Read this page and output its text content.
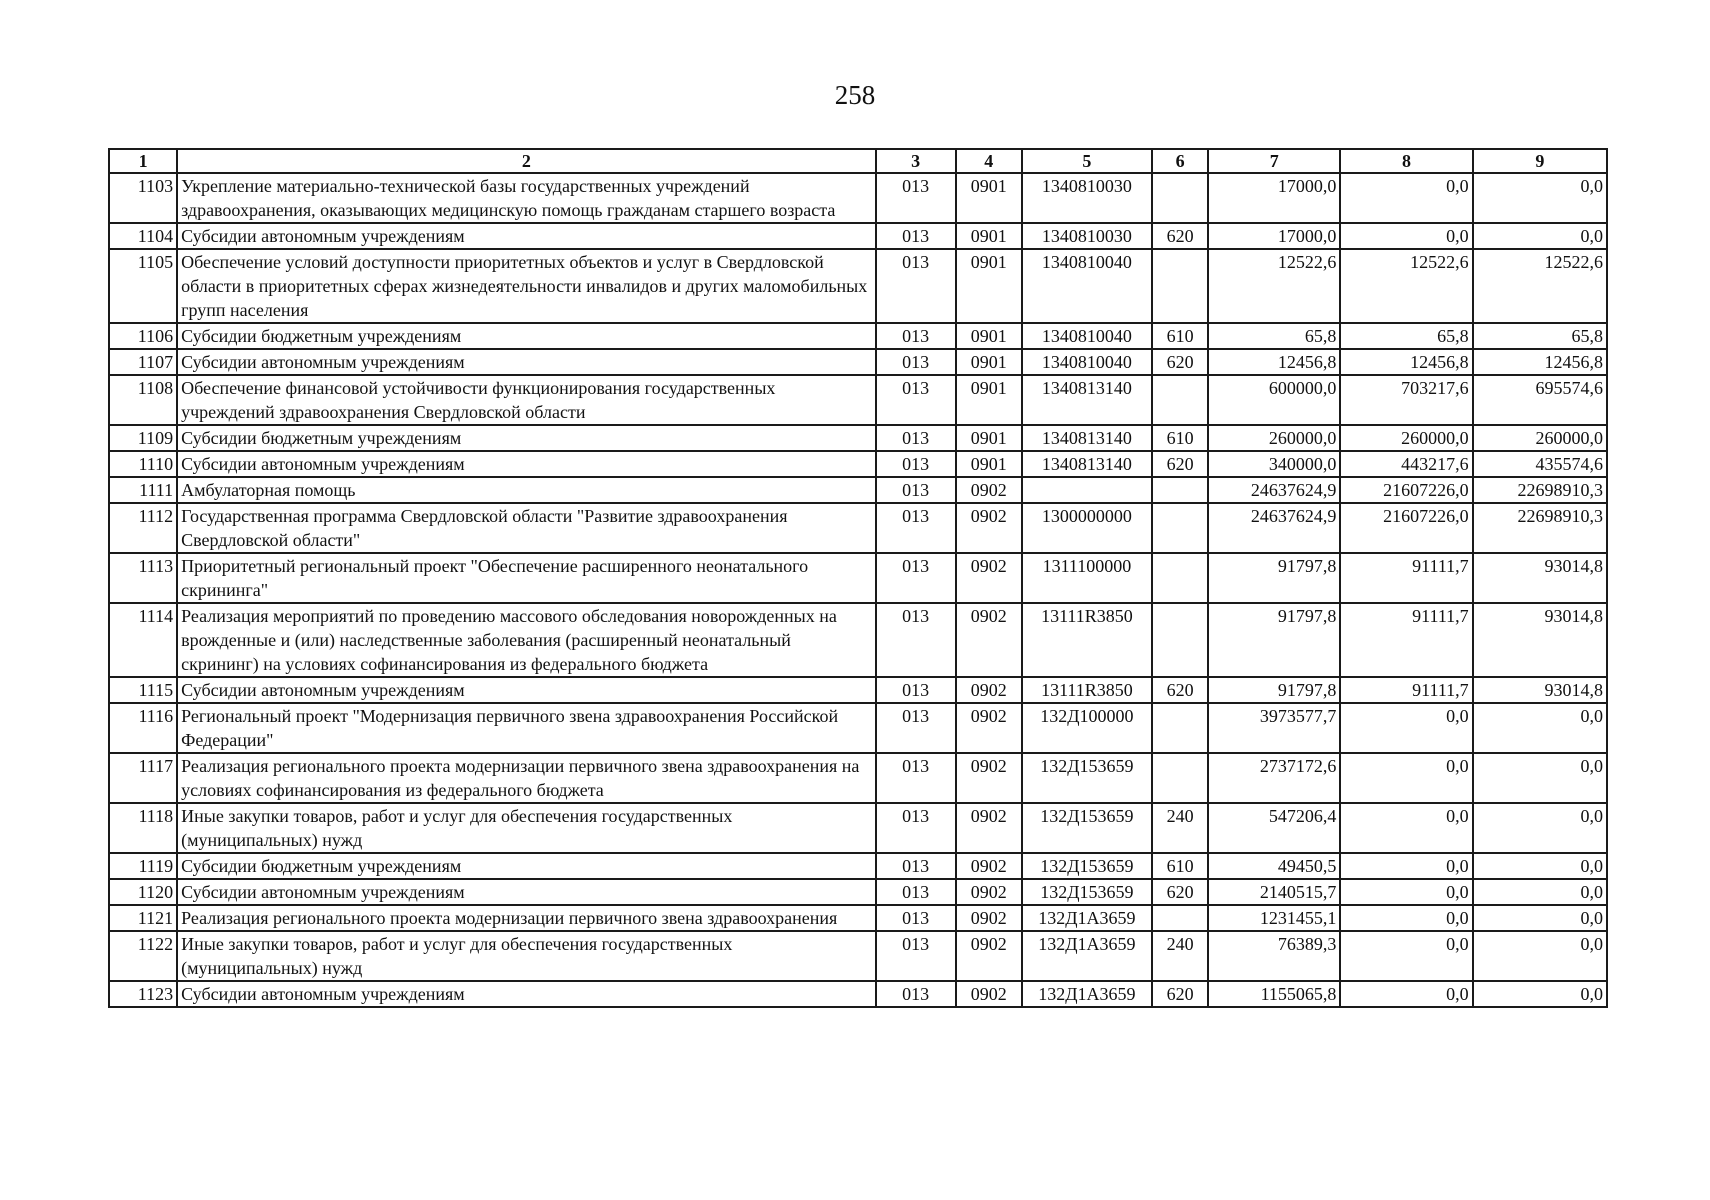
258
1	2	3	4	5	6	7	8	9
1103	Укрепление материально-технической базы государственных учреждений здравоохранения, оказывающих медицинскую помощь гражданам старшего возраста	013	0901	1340810030		17000,0	0,0	0,0
1104	Субсидии автономным учреждениям	013	0901	1340810030	620	17000,0	0,0	0,0
1105	Обеспечение условий доступности приоритетных объектов и услуг в Свердловской области в приоритетных сферах жизнедеятельности инвалидов и других маломобильных групп населения	013	0901	1340810040		12522,6	12522,6	12522,6
1106	Субсидии бюджетным учреждениям	013	0901	1340810040	610	65,8	65,8	65,8
1107	Субсидии автономным учреждениям	013	0901	1340810040	620	12456,8	12456,8	12456,8
1108	Обеспечение финансовой устойчивости функционирования государственных учреждений здравоохранения Свердловской области	013	0901	1340813140		600000,0	703217,6	695574,6
1109	Субсидии бюджетным учреждениям	013	0901	1340813140	610	260000,0	260000,0	260000,0
1110	Субсидии автономным учреждениям	013	0901	1340813140	620	340000,0	443217,6	435574,6
1111	Амбулаторная помощь	013	0902			24637624,9	21607226,0	22698910,3
1112	Государственная программа Свердловской области "Развитие здравоохранения Свердловской области"	013	0902	1300000000		24637624,9	21607226,0	22698910,3
1113	Приоритетный региональный проект "Обеспечение расширенного неонатального скрининга"	013	0902	1311100000		91797,8	91111,7	93014,8
1114	Реализация мероприятий по проведению массового обследования новорожденных на врожденные и (или) наследственные заболевания (расширенный неонатальный скрининг) на условиях софинансирования из федерального бюджета	013	0902	13111R3850		91797,8	91111,7	93014,8
1115	Субсидии автономным учреждениям	013	0902	13111R3850	620	91797,8	91111,7	93014,8
1116	Региональный проект "Модернизация первичного звена здравоохранения Российской Федерации"	013	0902	132Д100000		3973577,7	0,0	0,0
1117	Реализация регионального проекта модернизации первичного звена здравоохранения на условиях софинансирования из федерального бюджета	013	0902	132Д153659		2737172,6	0,0	0,0
1118	Иные закупки товаров, работ и услуг для обеспечения государственных (муниципальных) нужд	013	0902	132Д153659	240	547206,4	0,0	0,0
1119	Субсидии бюджетным учреждениям	013	0902	132Д153659	610	49450,5	0,0	0,0
1120	Субсидии автономным учреждениям	013	0902	132Д153659	620	2140515,7	0,0	0,0
1121	Реализация регионального проекта модернизации первичного звена здравоохранения	013	0902	132Д1А3659		1231455,1	0,0	0,0
1122	Иные закупки товаров, работ и услуг для обеспечения государственных (муниципальных) нужд	013	0902	132Д1А3659	240	76389,3	0,0	0,0
1123	Субсидии автономным учреждениям	013	0902	132Д1А3659	620	1155065,8	0,0	0,0
